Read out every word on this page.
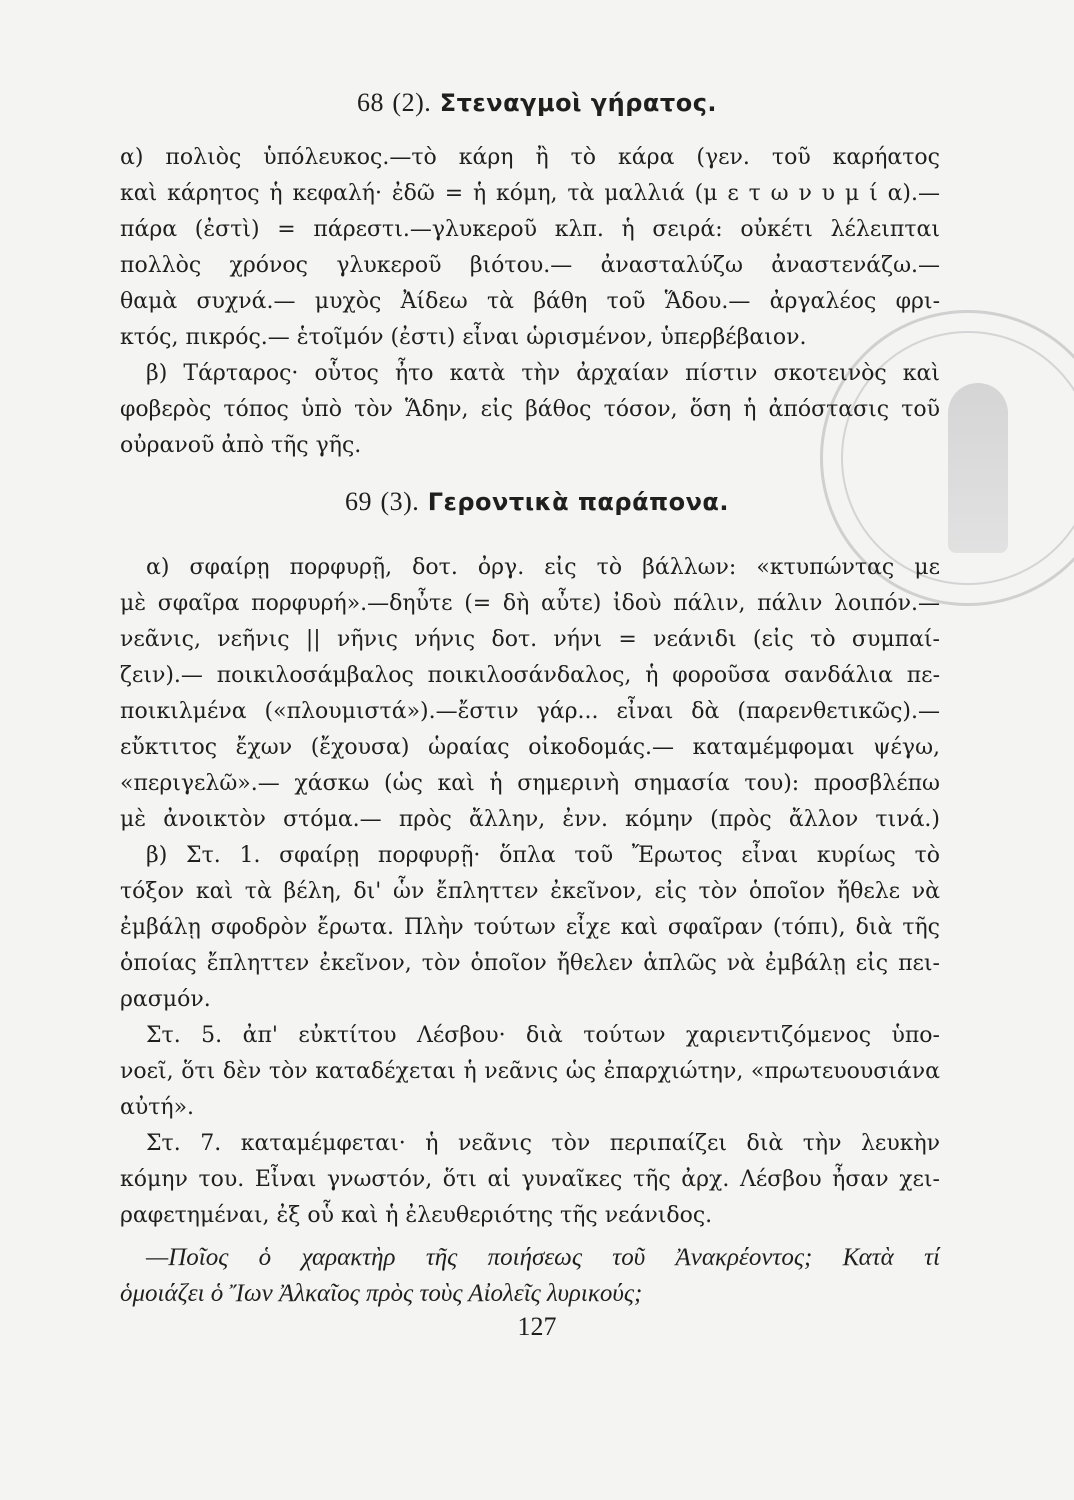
68 (2). Στεναγμοὶ γήρατος.
α) πολιὸς ὑπόλευκος.—τὸ κάρη ἢ τὸ κάρα (γεν. τοῦ καρήατος
καὶ κάρητος ἡ κεφαλή· ἐδῶ = ἡ κόμη, τὰ μαλλιά (μ ε τ ω ν υ μ ί α).—
πάρα (ἐστὶ) = πάρεστι.—γλυκεροῦ κλπ. ἡ σειρά: οὐκέτι λέλειπται
πολλὸς χρόνος γλυκεροῦ βιότου.— ἀνασταλύζω ἀναστενάζω.—
θαμὰ συχνά.— μυχὸς Ἀίδεω τὰ βάθη τοῦ Ἅδου.— ἀργαλέος φρι-
κτός, πικρός.— ἑτοῖμόν (ἐστι) εἶναι ὡρισμένον, ὑπερβέβαιον.
β) Τάρταρος· οὗτος ἦτο κατὰ τὴν ἀρχαίαν πίστιν σκοτεινὸς καὶ
φοβερὸς τόπος ὑπὸ τὸν Ἅδην, εἰς βάθος τόσον, ὅση ἡ ἀπόστασις τοῦ
οὐρανοῦ ἀπὸ τῆς γῆς.
69 (3). Γεροντικὰ παράπονα.
α) σφαίρῃ πορφυρῇ, δοτ. ὀργ. εἰς τὸ βάλλων: «κτυπώντας με
μὲ σφαῖρα πορφυρή».—δηὖτε (= δὴ αὖτε) ἰδοὺ πάλιν, πάλιν λοιπόν.—
νεᾶνις, νεῆνις || νῆνις νήνις δοτ. νήνι = νεάνιδι (εἰς τὸ συμπαί-
ζειν).— ποικιλοσάμβαλος ποικιλοσάνδαλος, ἡ φοροῦσα σανδάλια πε-
ποικιλμένα («πλουμιστά»).—ἔστιν γάρ... εἶναι δὰ (παρενθετικῶς).—
εὔκτιτος ἔχων (ἔχουσα) ὡραίας οἰκοδομάς.— καταμέμφομαι ψέγω,
«περιγελῶ».— χάσκω (ὡς καὶ ἡ σημερινὴ σημασία του): προσβλέπω
μὲ ἀνοικτὸν στόμα.— πρὸς ἄλλην, ἐνν. κόμην (πρὸς ἄλλον τινά.)
β) Στ. 1. σφαίρῃ πορφυρῇ· ὅπλα τοῦ Ἔρωτος εἶναι κυρίως τὸ
τόξον καὶ τὰ βέλη, δι' ὧν ἔπληττεν ἐκεῖνον, εἰς τὸν ὁποῖον ἤθελε νὰ
ἐμβάλῃ σφοδρὸν ἔρωτα. Πλὴν τούτων εἶχε καὶ σφαῖραν (τόπι), διὰ τῆς
ὁποίας ἔπληττεν ἐκεῖνον, τὸν ὁποῖον ἤθελεν ἁπλῶς νὰ ἐμβάλῃ εἰς πει-
ρασμόν.
Στ. 5. ἀπ' εὐκτίτου Λέσβου· διὰ τούτων χαριεντιζόμενος ὑπο-
νοεῖ, ὅτι δὲν τὸν καταδέχεται ἡ νεᾶνις ὡς ἐπαρχιώτην, «πρωτευουσιάνα
αὐτή».
Στ. 7. καταμέμφεται· ἡ νεᾶνις τὸν περιπαίζει διὰ τὴν λευκὴν
κόμην του. Εἶναι γνωστόν, ὅτι αἱ γυναῖκες τῆς ἀρχ. Λέσβου ἦσαν χει-
ραφετημέναι, ἐξ οὗ καὶ ἡ ἐλευθεριότης τῆς νεάνιδος.
—Ποῖος ὁ χαρακτὴρ τῆς ποιήσεως τοῦ Ἀνακρέοντος; Κατὰ τί
ὁμοιάζει ὁ Ἴων Ἀλκαῖος πρὸς τοὺς Αἰολεῖς λυρικούς;
127
